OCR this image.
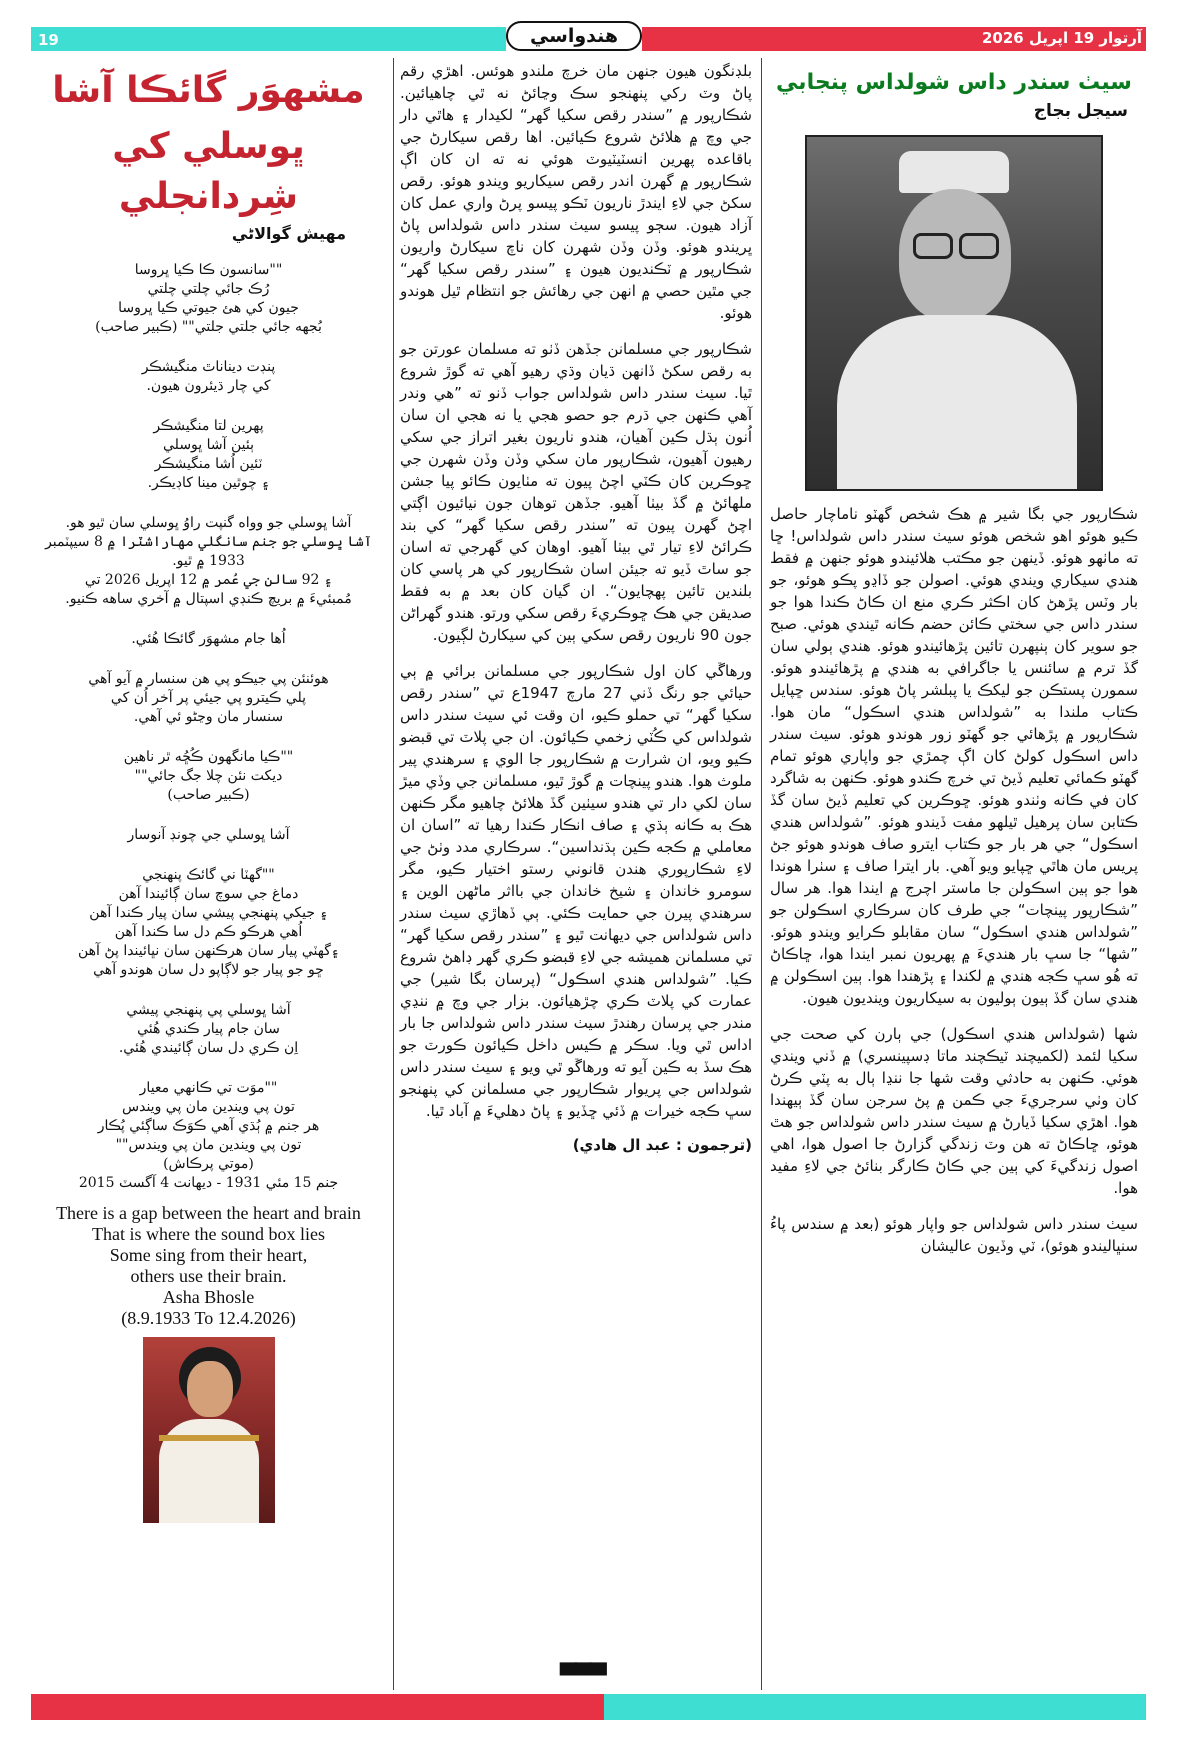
19	آرتوار 19 اپريل 2026
هندواسي
سيٺ سندر داس شولداس پنجابي
سيجل بجاج

شڪارپور جي بگا شير ۾ هڪ شخص گهٽو ناماچار حاصل ڪيو هوئو اهو شخص هوئو سيٺ سندر داس شولداس! ڇا ته ماٺهو هوئو. ڏينهن جو مڪتب هلائيندو هوئو جنهن ۾ فقط هندي سيکاري ويندي هوئي. اصولن جو ڏاڍو پڪو هوئو، جو بار وٽس پڙهڻ کان اڪثر ڪري منع ان ڪاڻ ڪندا هوا جو سندر داس جي سختي ڪائن حضم ڪانه ٿيندي هوئي. صبح جو سوير کان ٻنپهرن تائين پڙهائيندو هوئو. هندي ٻولي سان گڏ ترم ۾ سائنس يا جاگرافي به هندي ۾ پڙهائيندو هوئو. سمورن پستڪن جو ليکڪ يا پبلشر پاڻ هوئو. سندس ڇپايل ڪتاب ملندا به ”شولداس هندي اسڪول“ مان هوا. شڪارپور ۾ پڙهائي جو گهٽو زور هوندو هوئو. سيٺ سندر داس اسڪول کولڻ کان اڳ چمڙي جو واپاري هوئو تمام گهٽو ڪمائي تعليم ڏيڻ تي خرچ ڪندو هوئو. ڪنهن به شاگرد کان في ڪانه وٺندو هوئو. ڇوڪرين کي تعليم ڏيڻ سان گڏ ڪتابن سان پرهيل ٿيلهو مفت ڏيندو هوئو. ”شولداس هندي اسڪول“ جي هر بار جو ڪتاب ايترو صاف هوندو هوئو جڻ پريس مان هاٿي ڇپايو ويو آهي. بار ايترا صاف ۽ سٺرا هوندا هوا جو ٻين اسڪولن جا ماستر اچرج ۾ ايندا هوا. هر سال ”شڪارپور پينچات“ جي طرف کان سرڪاري اسڪولن جو ”شولداس هندي اسڪول“ سان مقابلو ڪرايو ويندو هوئو. ”شها“ جا سڀ بار هنديءَ ۾ پهريون نمبر ايندا هوا، ڇاڪاڻ ته هُو سڀ ڪجه هندي ۾ لکندا ۽ پڙهندا هوا. ٻين اسڪولن ۾ هندي سان گڏ ٻيون ٻوليون به سيکاريون وينديون هيون.

شها (شولداس هندي اسڪول) جي ٻارن کي صحت جي سکيا لئمد (لکميچند ٽيڪچند ماتا ڊسپينسري) ۾ ڏني ويندي هوئي. ڪنهن به حادثي وقت شها جا ننڍا ٻال به پٽي ڪرڻ کان وٺي سرجريءَ جي ڪمن ۾ پڻ سرجن سان گڏ ٻيهندا هوا. اهڙي سکيا ڏيارڻ ۾ سيٺ سندر داس شولداس جو هٿ هوئو، ڇاڪاڻ ته هن وٽ زندگي گزارڻ جا اصول هوا، اهي اصول زندگيءَ کي ٻين جي ڪاڻ ڪارگر بنائڻ جي لاءِ مفيد هوا.

سيٺ سندر داس شولداس جو واپار هوئو (بعد ۾ سندس پاءُ سنڀاليندو هوئو)، ٽي وڏيون عاليشان

بلڊنگون هيون جنهن مان خرچ ملندو هوئس. اهڙي رقم پاڻ وٽ رکي پنهنجو سڪ وڃائڻ نه ٿي چاهيائين. شڪارپور ۾ ”سندر رقص سکيا گهر“ لکيدار ۽ هاٿي دار جي وچ ۾ هلائڻ شروع ڪيائين. اها رقص سيکارڻ جي باقاعده پهرين انسٽيٽيوٽ هوئي نه ته ان کان اڳ شڪارپور ۾ گهرن اندر رقص سيکاريو ويندو هوئو. رقص سکڻ جي لاءِ ايندڙ ناريون ٽڪو پيسو پرڻ واري عمل کان آزاد هيون. سڄو پيسو سيٺ سندر داس شولداس پاڻ ڀريندو هوئو. وڏن وڏن شهرن کان ناچ سيکارڻ واريون شڪارپور ۾ ٽڪنديون هيون ۽ ”سندر رقص سکيا گهر“ جي مٿين حصي ۾ انهن جي رهائش جو انتظام ٿيل هوندو هوئو.

شڪارپور جي مسلمانن جڏهن ڏٺو ته مسلمان عورتن جو به رقص سکڻ ڏانهن ڌيان وڌي رهيو آهي ته گوڙ شروع ٿيا. سيٺ سندر داس شولداس جواب ڏنو ته ”هي وندر آهي ڪنهن جي ڌرم جو حصو هجي يا نه هجي ان سان اُنون ٻڌل ڪين آهيان، هندو ناريون بغير اتراز جي سکي رهيون آهيون، شڪارپور مان سکي وڏن وڏن شهرن جي ڇوڪرين کان ڪٽي اچڻ پيون ته مٺايون ڪائو پيا جشن ملهائڻ ۾ گڏ بيٺا آهيو. جڏهن توهان جون نيائيون اڳتي اچڻ گهرن پيون ته ”سندر رقص سکيا گهر“ کي بند ڪرائڻ لاءِ تيار ٿي بيٺا آهيو. اوهان کي گهرجي ته اسان جو ساٿ ڏيو ته جيئن اسان شڪارپور کي هر پاسي کان بلندين تائين پهچايون“. ان گيان کان بعد ۾ به فقط صديقن جي هڪ ڇوڪريءَ رقص سکي ورتو. هندو گهراڻن جون 90 ناريون رقص سکي ٻين کي سيکارڻ لڳيون.

ورهاڱي کان اول شڪارپور جي مسلمانن برائي ۾ ٻي حيائي جو رنگ ڏني 27 مارچ 1947ع تي ”سندر رقص سکيا گهر“ تي حملو ڪيو، ان وقت ئي سيٺ سندر داس شولداس کي ڪُٽي زخمي ڪيائون. ان جي پلاٽ تي قبضو ڪيو ويو، ان شرارت ۾ شڪارپور جا الوي ۽ سرهندي پير ملوث هوا. هندو پينچات ۾ گوڙ ٿيو، مسلمانن جي وڏي ميڙ سان لکي دار تي هندو سيٺين گڏ هلائڻ چاهيو مگر ڪنهن هڪ به ڪانه ٻڌي ۽ صاف انڪار ڪندا رهيا ته ”اسان ان معاملي ۾ ڪجه ڪين ٻڌنداسين“. سرڪاري مدد وٺڻ جي لاءِ شڪارپوري هندن قانوني رستو اختيار ڪيو، مگر سومرو خاندان ۽ شيخ خاندان جي بااثر ماڻهن الوين ۽ سرهندي پيرن جي حمايت ڪئي. ٻي ڏهاڙي سيٺ سندر داس شولداس جي ديهانت ٿيو ۽ ”سندر رقص سکيا گهر“ تي مسلمانن هميشه جي لاءِ قبضو ڪري گهر ڊاهڻ شروع ڪيا. ”شولداس هندي اسڪول“ (پرسان بگا شير) جي عمارت کي پلاٽ ڪري چڙهيائون. بزار جي وچ ۾ ننڍي مندر جي پرسان رهندڙ سيٺ سندر داس شولداس جا بار اداس ٿي ويا. سڪر ۾ ڪيس داخل ڪيائون ڪورٽ جو هڪ سڏ به ڪين آيو ته ورهاڱو ٿي ويو ۽ سيٺ سندر داس شولداس جي پريوار شڪارپور جي مسلمانن کي پنهنجو سڀ ڪجه خيرات ۾ ڏئي ڇڏيو ۽ پاڻ دهليءَ ۾ آباد ٿيا.

(ترجمون : عبد ال هادي)
مشهوَر گائڪا آشا
ڀوسلي کي شِردانجلي
مهيش گوالاڻي
""سانسون ڪا ڪيا ڀروسا
رُڪ جائي چلتي چلتي
جيون کي هئ جيوتي ڪيا ڀروسا
بُجهه جائي جلتي جلتي"" (ڪبير صاحب)
پنڊت ديناناٿ منگيشڪر
کي چار ڌيئرون هيون.
پهرين لتا منگيشڪر
ٻئين آشا ڀوسلي
ٽئين اُشا منگيشڪر
۽ چوٿين مينا کاڊيڪر.
آشا ڀوسلي جو وواه گنپت راوُ ڀوسلي سان ٿيو هو.
آشا ڀوسلي جو جنم سانگلي مهاراشٽرا ۾ 8 سيپٽمبر
1933 ۾ ٿيو.
۽ 92 سالن جي عُمر ۾ 12 اپريل 2026 تي
مُمبئيءَ ۾ بريچ ڪنڊي اسپتال ۾ آخري ساهه ڪنيو.
اُها جام مشهوَر گائڪا هُئي.
هوئنئن پي جيڪو پي هن سنسار ۾ آيو آهي
پلي ڪيترو پي جيئي پر آخر اُن کي
سنسار مان وڃڻو ئي آهي.
""ڪيا مانگهون ڪُڇُه ٿر ناهين
ديکت نئن چلا جگ جائي""
(ڪبير صاحب)
آشا ڀوسلي جي چونڊ آنوسار
""گهٽا ني گائڪ پنهنجي
دماغ جي سوچ سان ڳائيندا آهن
۽ جيکي پنهنجي پيشي سان پيار ڪندا آهن
اُهي هرڪو ڪم دل سا ڪندا آهن
۽گهٽي پيار سان هرڪنهن سان نڀائيندا پڻ آهن
ڇو جو پيار جو لاڳاپو دل سان هوندو آهي
آشا ڀوسلي پي پنهنجي پيشي
سان جام پيار ڪندي هُئي
اِن ڪري دل سان ڳائيندي هُئي.
""موَت تي ڪانهي معيار
تون پي ويندين مان پي ويندس
هر جنم ۾ ٻُڌي آهي ڪوَڪ ساڳئي پُڪار
تون پي ويندين مان پي ويندس""
(موتي پرڪاش)
جنم 15 مئي 1931 - ديهانت 4 آگسٽ 2015
There is a gap between the heart and brain
That is where the sound box lies
Some sing from their heart,
others use their brain.
Asha Bhosle
(8.9.1933 To 12.4.2026)
▀▀▀
